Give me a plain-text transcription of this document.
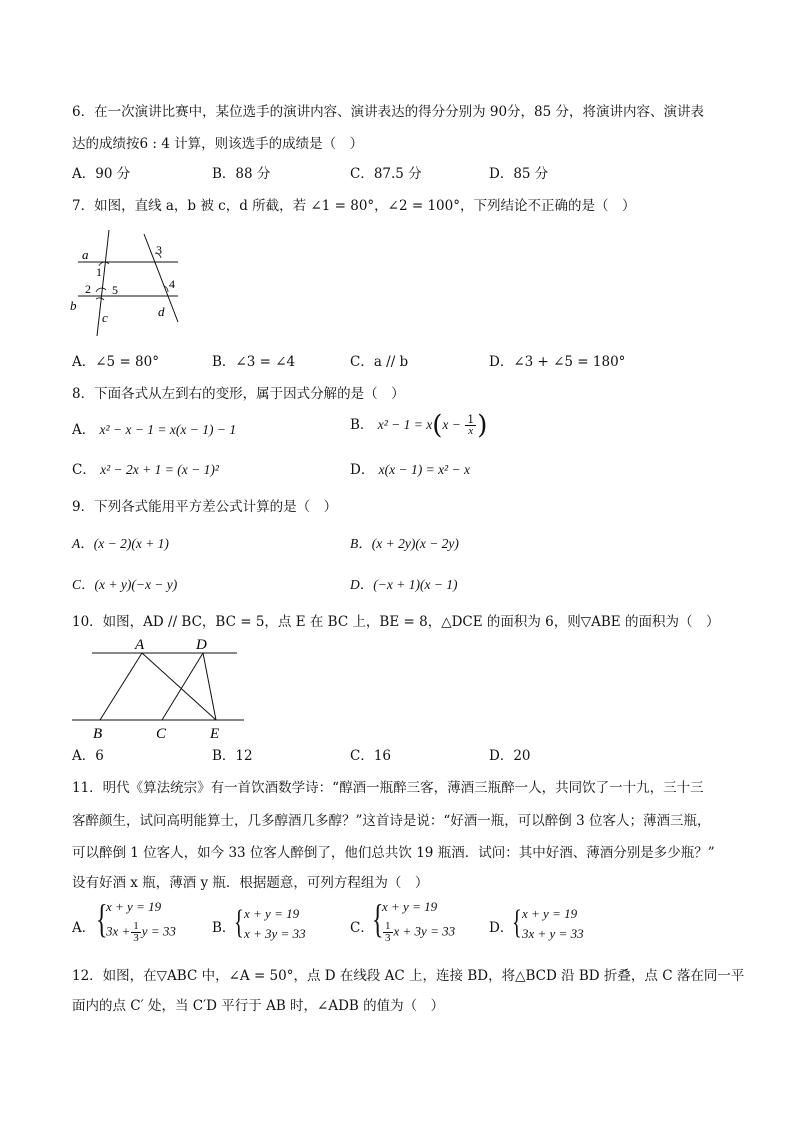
6．在一次演讲比赛中，某位选手的演讲内容、演讲表达的得分分别为 90分，85 分，将演讲内容、演讲表
达的成绩按6 : 4 计算，则该选手的成绩是（　）
A．90 分	B．88 分	C．87.5 分	D．85 分
7．如图，直线 a，b 被 c，d 所截，若 ∠1 = 80°，∠2 = 100°，下列结论不正确的是（　）
a
b
c	d
1
2
3
4
5
A．∠5 = 80°	B．∠3 = ∠4	C．a // b	D．∠3 + ∠5 = 180°
8．下面各式从左到右的变形，属于因式分解的是（　）
A． x² − x − 1 = x(x − 1) − 1	B． $x^2 - 1 = x(x - \frac{1}{x}$ )
C． x² − 2x + 1 = (x − 1)²	D． x(x − 1) = x² − x
9．下列各式能用平方差公式计算的是（　）
A．(x − 2)(x + 1)	B．(x + 2y)(x − 2y)
C．(x + y)(−x − y)	D．(−x + 1)(x − 1)
10．如图，AD // BC，BC = 5，点 E 在 BC 上，BE = 8，△DCE 的面积为 6，则▽ABE 的面积为（　）
A	D
B	C	E
A．6	B．12	C．16	D．20
11．明代《算法统宗》有一首饮酒数学诗：“醇酒一瓶醉三客，薄酒三瓶醉一人，共同饮了一十九，三十三
客醉颜生，试问高明能算士，几多醇酒几多醇？”这首诗是说：“好酒一瓶，可以醉倒 3 位客人；薄酒三瓶，
可以醉倒 1 位客人，如今 33 位客人醉倒了，他们总共饮 19 瓶酒．试问：其中好酒、薄酒分别是多少瓶？”
设有好酒 x 瓶，薄酒 y 瓶．根据题意，可列方程组为（　）
A． {
x + y = 19
$3x + \frac{1}{3}$ y = 33	B．
{ x + y = 19
x + 3y = 33	C．
{
x + y = 19
$\frac{1}{3}$ x + 3y = 33	D．
{ x + y = 19
3x + y = 33
12．如图，在▽ABC 中，∠A = 50°，点 D 在线段 AC 上，连接 BD，将△BCD 沿 BD 折叠，点 C 落在同一平
面内的点 C′ 处，当 C′D 平行于 AB 时，∠ADB 的值为（　）
